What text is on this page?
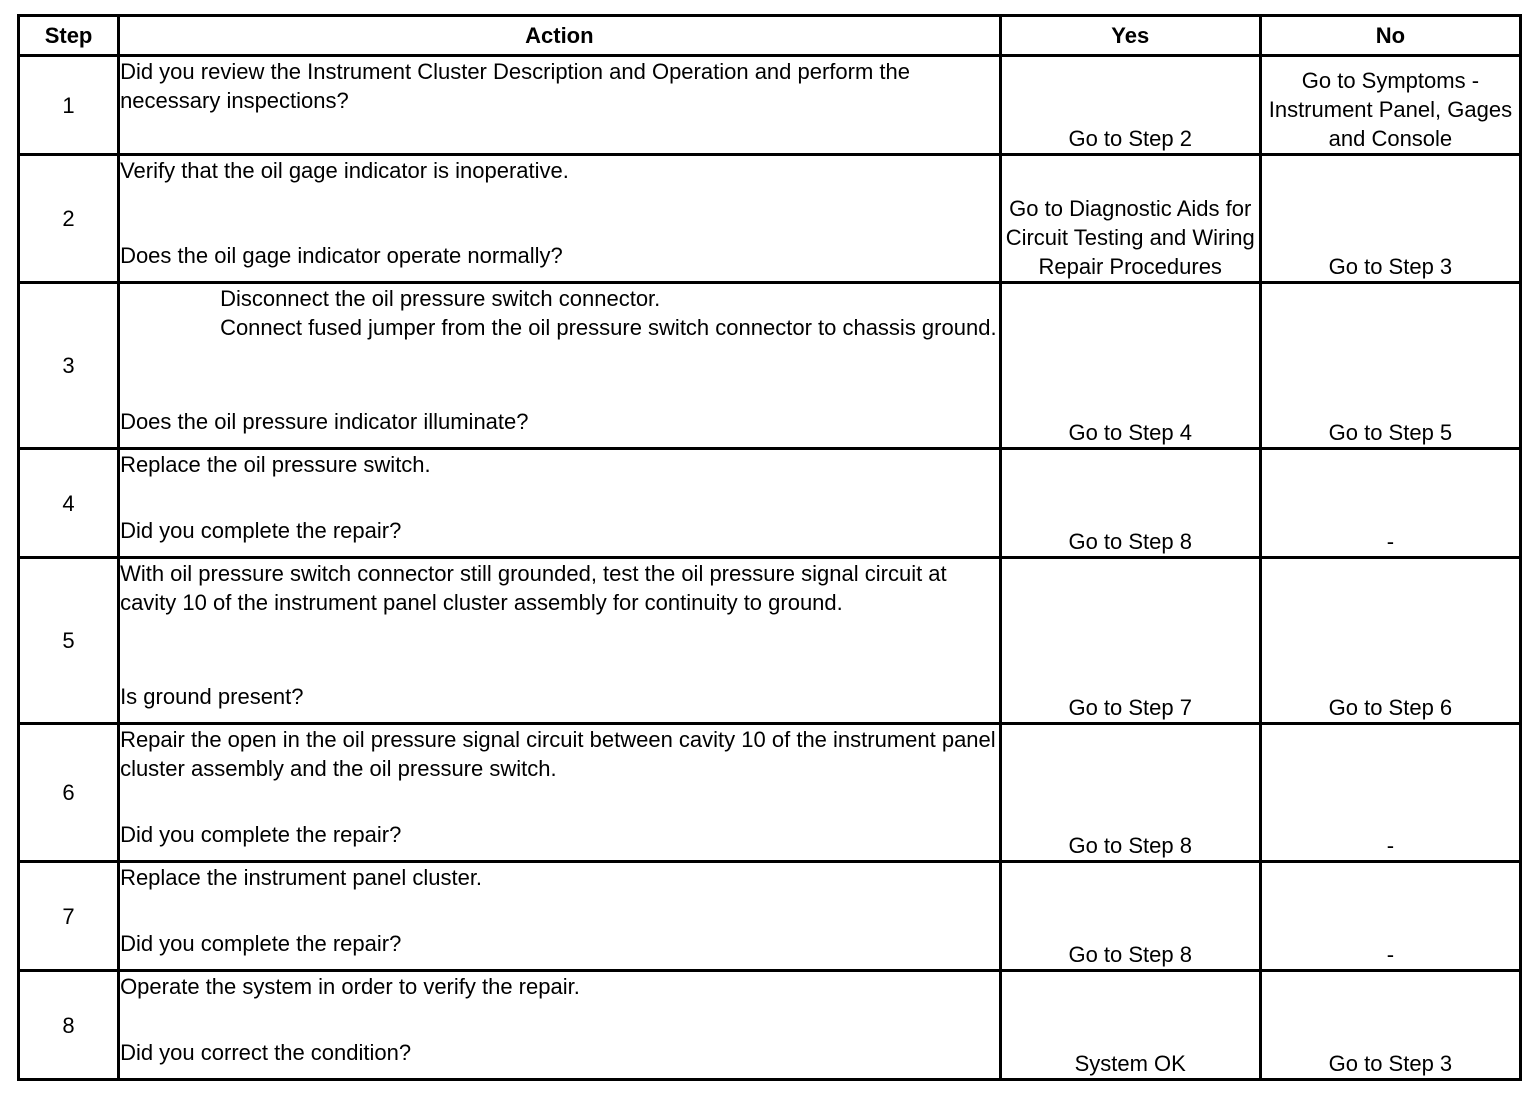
Step	Action	Yes	No
1	Did you review the Instrument Cluster Description and Operation and perform the necessary inspections?	Go to Step 2	Go to Symptoms - Instrument Panel, Gages and Console
2	Verify that the oil gage indicator is inoperative.
Does the oil gage indicator operate normally?	Go to Diagnostic Aids for Circuit Testing and Wiring Repair Procedures	Go to Step 3
3	Disconnect the oil pressure switch connector.
Connect fused jumper from the oil pressure switch connector to chassis ground.
Does the oil pressure indicator illuminate?	Go to Step 4	Go to Step 5
4	Replace the oil pressure switch.
Did you complete the repair?	Go to Step 8	-
5	With oil pressure switch connector still grounded, test the oil pressure signal circuit at cavity 10 of the instrument panel cluster assembly for continuity to ground.
Is ground present?	Go to Step 7	Go to Step 6
6	Repair the open in the oil pressure signal circuit between cavity 10 of the instrument panel cluster assembly and the oil pressure switch.
Did you complete the repair?	Go to Step 8	-
7	Replace the instrument panel cluster.
Did you complete the repair?	Go to Step 8	-
8	Operate the system in order to verify the repair.
Did you correct the condition?	System OK	Go to Step 3
